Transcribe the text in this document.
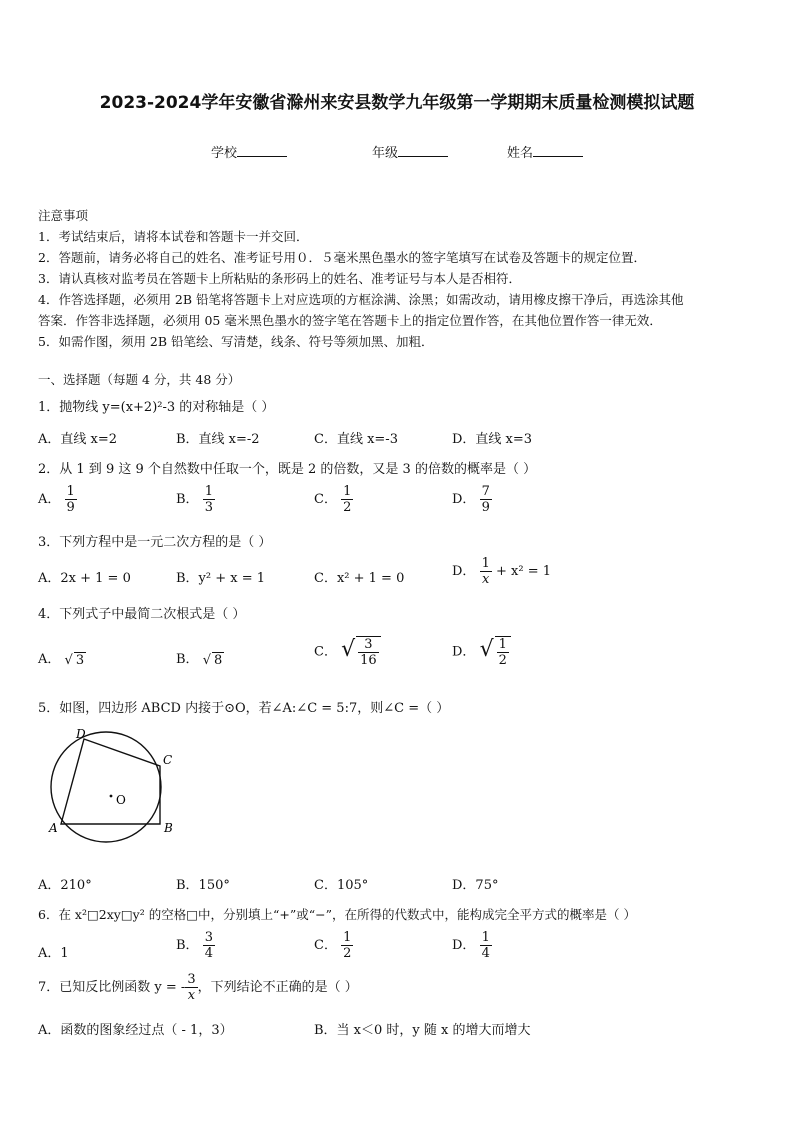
2023-2024学年安徽省滁州来安县数学九年级第一学期期末质量检测模拟试题
学校	年级	姓名
注意事项
1．考试结束后，请将本试卷和答题卡一并交回．
2．答题前，请务必将自己的姓名、准考证号用０．５毫米黑色墨水的签字笔填写在试卷及答题卡的规定位置．
3．请认真核对监考员在答题卡上所粘贴的条形码上的姓名、准考证号与本人是否相符．
4．作答选择题，必须用 2B 铅笔将答题卡上对应选项的方框涂满、涂黑；如需改动，请用橡皮擦干净后，再选涂其他
答案．作答非选择题，必须用 05 毫米黑色墨水的签字笔在答题卡上的指定位置作答，在其他位置作答一律无效．
5．如需作图，须用 2B 铅笔绘、写清楚，线条、符号等须加黑、加粗．
一、选择题（每题 4 分，共 48 分）
1．抛物线 y=(x+2)²-3 的对称轴是（ ）
A．直线 x=2	B．直线 x=-2	C．直线 x=-3	D．直线 x=3
2．从 1 到 9 这 9 个自然数中任取一个，既是 2 的倍数，又是 3 的倍数的概率是（ ）
A． $\frac{1}{9}$	B． $\frac{1}{3}$	C． $\frac{1}{2}$	D． $\frac{7}{9}$
3．下列方程中是一元二次方程的是（ ）
A．2x + 1 = 0	B．y² + x = 1	C．x² + 1 = 0	D． $\frac{1}{x} + x^2 = 1$
4．下列式子中最简二次根式是（ ）
A． √ 3	B． √ 8
C． √ $\frac{3}{16}$	D． √ $\frac{1}{2}$
5．如图，四边形 ABCD 内接于⊙O，若∠A:∠C = 5:7，则∠C =（ ）
O
A	B
C
D
A．210°	B．150°	C．105°	D．75°
6．在 x²□2xy□y² 的空格□中，分别填上“+”或“−”，在所得的代数式中，能构成完全平方式的概率是（ ）
A．1
B． $\frac{3}{4}$	C． $\frac{1}{2}$	D． $\frac{1}{4}$
7．已知反比例函数 y = - $\frac{3}{x}$ ，下列结论不正确的是（ ）
A．函数的图象经过点（ - 1，3）	B．当 x＜0 时，y 随 x 的增大而增大
